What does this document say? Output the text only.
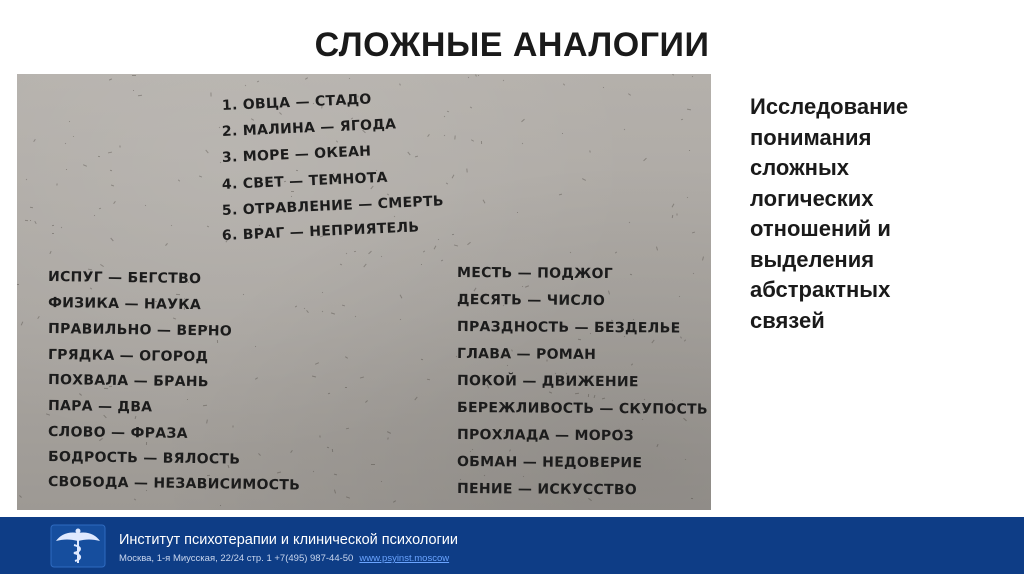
СЛОЖНЫЕ АНАЛОГИИ
1. ОВЦА — СТАДО
2. МАЛИНА — ЯГОДА
3. МОРЕ — ОКЕАН
4. СВЕТ — ТЕМНОТА
5. ОТРАВЛЕНИЕ — СМЕРТЬ
6. ВРАГ — НЕПРИЯТЕЛЬ
ИСПУГ — БЕГСТВО
ФИЗИКА — НАУКА
ПРАВИЛЬНО — ВЕРНО
ГРЯДКА — ОГОРОД
ПОХВАЛА — БРАНЬ
ПАРА — ДВА
СЛОВО — ФРАЗА
БОДРОСТЬ — ВЯЛОСТЬ
СВОБОДА — НЕЗАВИСИМОСТЬ
МЕСТЬ — ПОДЖОГ
ДЕСЯТЬ — ЧИСЛО
ПРАЗДНОСТЬ — БЕЗДЕЛЬЕ
ГЛАВА — РОМАН
ПОКОЙ — ДВИЖЕНИЕ
БЕРЕЖЛИВОСТЬ — СКУПОСТЬ
ПРОХЛАДА — МОРОЗ
ОБМАН — НЕДОВЕРИЕ
ПЕНИЕ — ИСКУССТВО
Исследование
понимания
сложных
логических
отношений и
выделения
абстрактных
связей
Институт психотерапии и клинической психологии
Москва, 1-я Миусская, 22/24 стр. 1 +7(495) 987-44-50 www.psyinst.moscow
